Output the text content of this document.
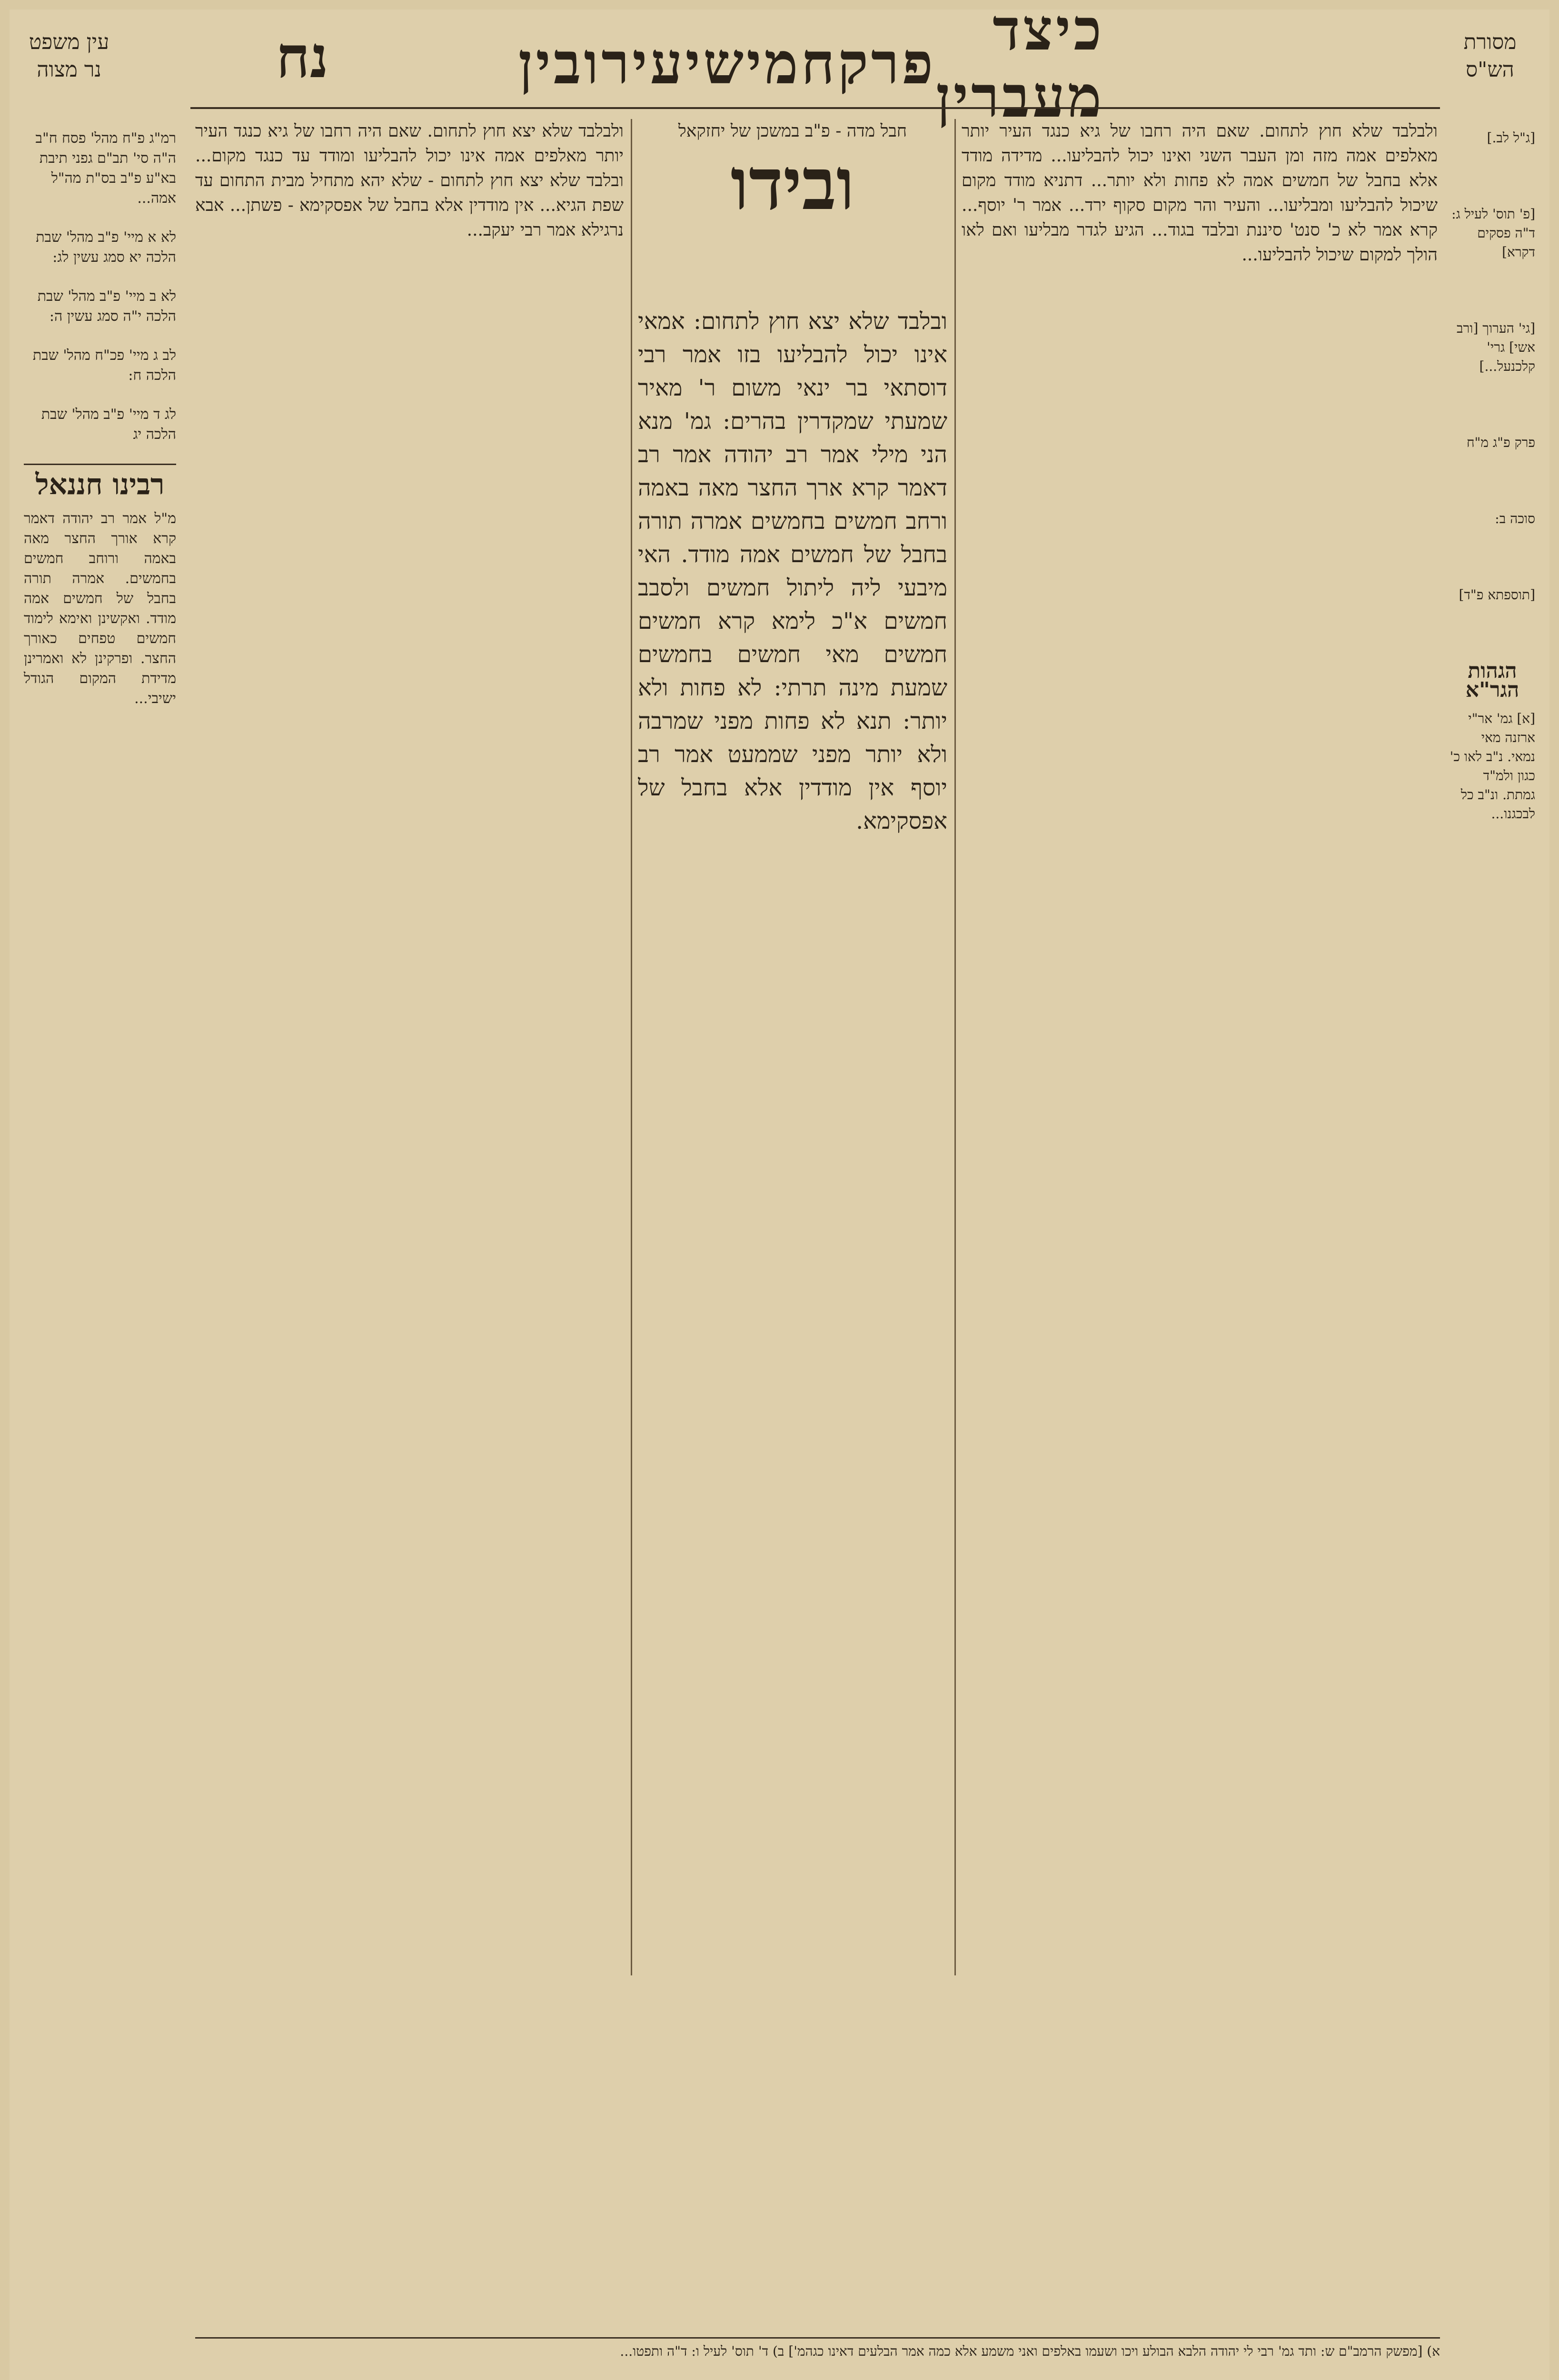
מסורת הש"ס
כיצד מעברין
פרק
חמישי
עירובין
נח
עין משפט נר מצוה
[ג"ל לב.]
[פ' תוס' לעיל ג: ד"ה פסקים דקרא]
[גי' הערוך [ורב אשי] גרי' קלכנעל...]
פרק פ"ג מ"ח
סוכה ב:
[תוספתא פ"ד]
הגהות הגר"א
[א] גמ' אר"י ארזנה מאי נמאי. נ"ב לאו כ' כגון ולמ"ד גמתת. ונ"ב כל לבכגנו...
רמ"ג פ"ח מהל' פסח ח"ב ה"ה סי' תב"ם גפני תיבת בא"ע פ"ב בס"ת מה"ל אמה...
לא א מיי' פ"ב מהל' שבת הלכה יא סמג עשין לג:
לא ב מיי' פ"ב מהל' שבת הלכה י"ה סמג עשין ה:
לב ג מיי' פכ"ח מהל' שבת הלכה ח:
לג ד מיי' פ"ב מהל' שבת הלכה יג
רבינו חננאל
מ"ל אמר רב יהודה דאמר קרא אורך החצר מאה באמה ורוחב חמשים בחמשים. אמרה תורה בחבל של חמשים אמה מודד. ואקשינן ואימא לימוד חמשים טפחים כאורך החצר. ופרקינן לא ואמרינן מדידת המקום הגודל ישיבי...
ולבלבד שלא יצא חוץ לתחום. שאם היה רחבו של גיא כנגד העיר יותר מאלפים אמה אינו יכול להבליעו ומודד עד כנגד מקום... ובלבד שלא יצא חוץ לתחום - שלא יהא מתחיל מבית התחום עד שפת הגיא... אין מודדין אלא בחבל של אפסקימא - פשתן... אבא נרגילא אמר רבי יעקב...
חבל מדה - פ"ב במשכן של יחזקאל
ובידו
ובלבד שלא יצא חוץ לתחום: אמאי אינו יכול להבליעו בזו אמר רבי דוסתאי בר ינאי משום ר' מאיר שמעתי שמקדרין בהרים: גמ' מנא הני מילי אמר רב יהודה אמר רב דאמר קרא ארך החצר מאה באמה ורחב חמשים בחמשים אמרה תורה בחבל של חמשים אמה מודד. האי מיבעי ליה ליתול חמשים ולסבב חמשים א"כ לימא קרא חמשים חמשים מאי חמשים בחמשים שמעת מינה תרתי: לא פחות ולא יותר: תנא לא פחות מפני שמרבה ולא יותר מפני שממעט אמר רב יוסף אין מודדין אלא בחבל של אפסקימא.
ולבלבד שלא חוץ לתחום. שאם היה רחבו של גיא כנגד העיר יותר מאלפים אמה מזה ומן העבר השני ואינו יכול להבליעו... מדידה מודד אלא בחבל של חמשים אמה לא פחות ולא יותר... דתניא מודד מקום שיכול להבליעו ומבליעו... והעיר והר מקום סקוף ירד... אמר ר' יוסף... קרא אמר לא כ' סנט' סיננת ובלבד בגוד... הגיע לגדר מבליעו ואם לאו הולך למקום שיכול להבליעו...
א) [מפשק הרמב"ם ש: ותד גמ' רבי לי יהודה הלבא הבולע ויכו ושעמו באלפים ואני משמע אלא כמה אמר הבלעים דאינו כגהמ'] ב) ד' תוס' לעיל ו: ד"ה ותפטו...
